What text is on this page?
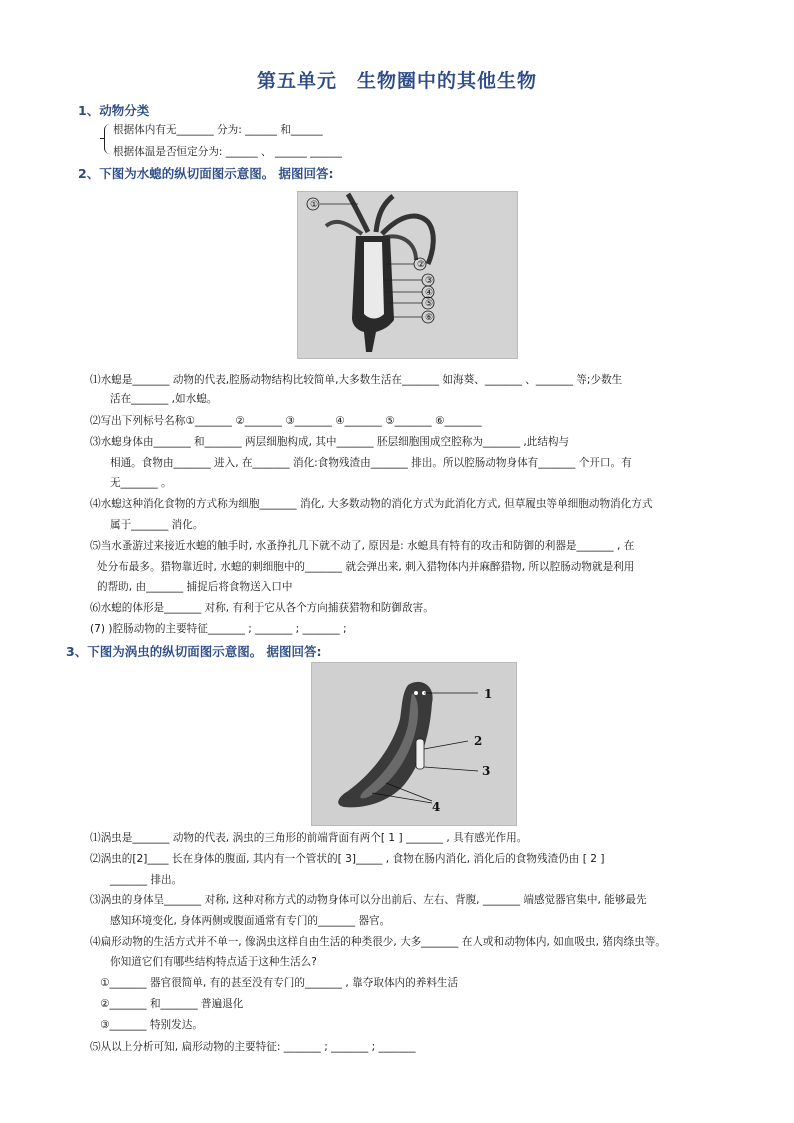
第五单元　生物圈中的其他生物
1、动物分类
根据体内有无_______ 分为: ______ 和______
根据体温是否恒定分为: ______ 、 ______ ______
2、下图为水螅的纵切面图示意图。 据图回答:
①
②
③
④
⑤
⑥
⑴水螅是_______ 动物的代表,腔肠动物结构比较简单,大多数生活在_______ 如海葵、_______ 、_______ 等;少数生
活在_______ ,如水螅。
⑵写出下列标号名称①_______ ②_______ ③_______ ④_______ ⑤_______ ⑥_______
⑶水螅身体由_______ 和_______ 两层细胞构成, 其中_______ 胚层细胞围成空腔称为_______ ,此结构与
相通。食物由_______ 进入, 在_______ 消化:食物残渣由_______ 排出。所以腔肠动物身体有_______ 个开口。有
无_______ 。
⑷水螅这种消化食物的方式称为细胞_______ 消化, 大多数动物的消化方式为此消化方式, 但草履虫等单细胞动物消化方式
属于_______ 消化。
⑸当水蚤游过来接近水螅的触手时, 水蚤挣扎几下就不动了, 原因是: 水螅具有特有的攻击和防御的利器是_______ , 在
处分布最多。猎物靠近时, 水螅的刺细胞中的_______ 就会弹出来, 刺入猎物体内并麻醉猎物, 所以腔肠动物就是利用
的帮助, 由_______ 捕捉后将食物送入口中
⑹水螅的体形是_______ 对称, 有利于它从各个方向捕获猎物和防御敌害。
(7) )腔肠动物的主要特征_______ ; _______ ; _______ ;
3、下图为涡虫的纵切面图示意图。 据图回答:
1
2
3
4
⑴涡虫是_______ 动物的代表, 涡虫的三角形的前端背面有两个[ 1 ] _______ , 具有感光作用。
⑵涡虫的[2]____ 长在身体的腹面, 其内有一个管状的[ 3]_____ , 食物在肠内消化, 消化后的食物残渣仍由 [ 2 ]
_______ 排出。
⑶涡虫的身体呈_______ 对称, 这种对称方式的动物身体可以分出前后、左右、背腹, _______ 端感觉器官集中, 能够最先
感知环境变化, 身体两侧或腹面通常有专门的_______ 器官。
⑷扁形动物的生活方式并不单一, 像涡虫这样自由生活的种类很少, 大多_______ 在人或和动物体内, 如血吸虫, 猪肉绦虫等。
你知道它们有哪些结构特点适于这种生活么?
①_______ 器官很简单, 有的甚至没有专门的_______ , 靠夺取体内的养料生活
②_______ 和_______ 普遍退化
③_______ 特别发达。
⑸从以上分析可知, 扁形动物的主要特征: _______ ; _______ ; _______
